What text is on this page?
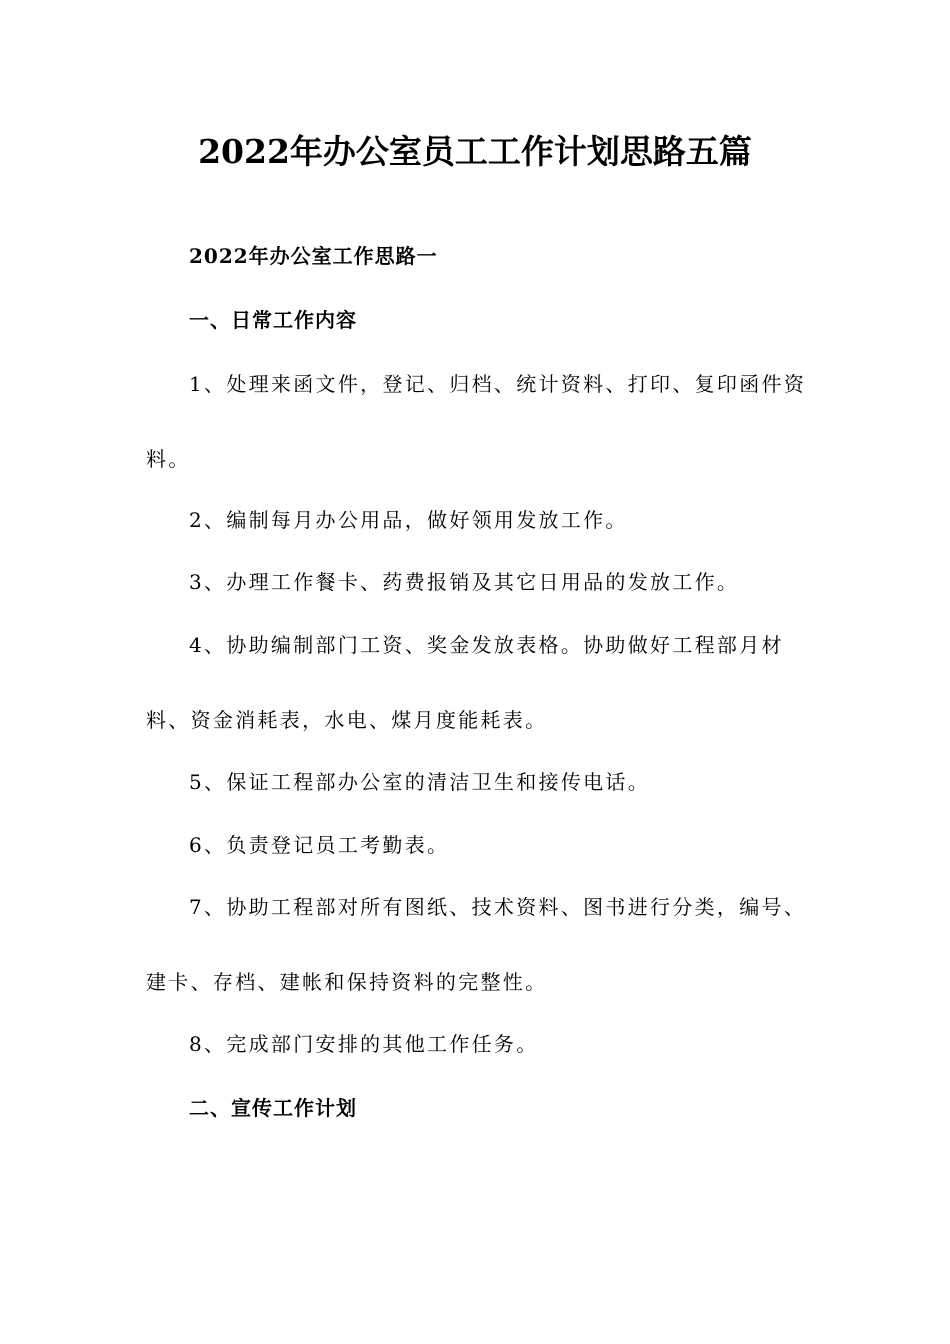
2022年办公室员工工作计划思路五篇
2022年办公室工作思路一
一、日常工作内容
1、处理来函文件，登记、归档、统计资料、打印、复印函件资
料。
2、编制每月办公用品，做好领用发放工作。
3、办理工作餐卡、药费报销及其它日用品的发放工作。
4、协助编制部门工资、奖金发放表格。协助做好工程部月材
料、资金消耗表，水电、煤月度能耗表。
5、保证工程部办公室的清洁卫生和接传电话。
6、负责登记员工考勤表。
7、协助工程部对所有图纸、技术资料、图书进行分类，编号、
建卡、存档、建帐和保持资料的完整性。
8、完成部门安排的其他工作任务。
二、宣传工作计划
